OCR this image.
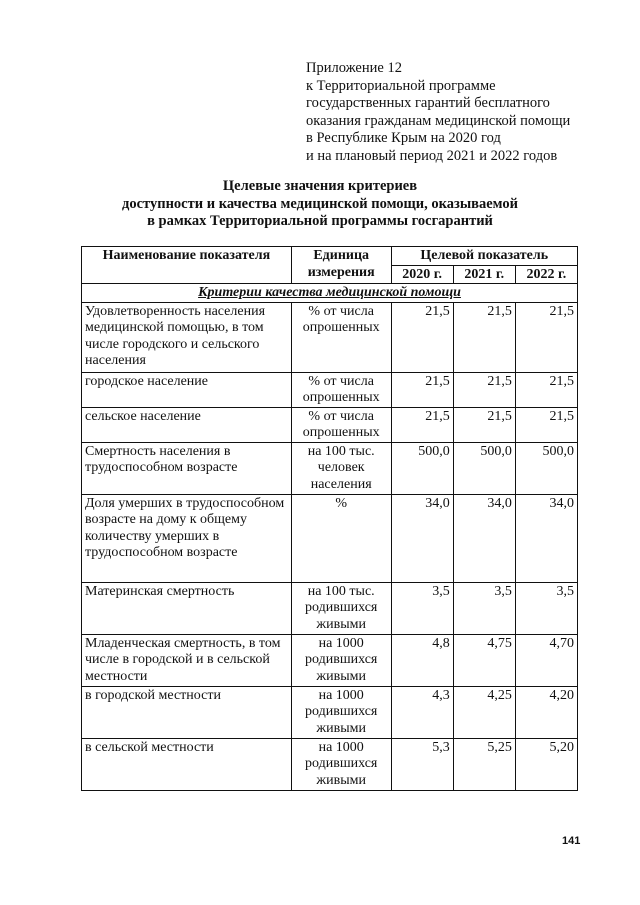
Приложение 12
к Территориальной программе
государственных гарантий бесплатного
оказания гражданам медицинской помощи
в Республике Крым на 2020 год
и на плановый период 2021 и 2022 годов
Целевые значения критериев
доступности и качества медицинской помощи, оказываемой
в рамках Территориальной программы госгарантий
Наименование показателя	Единица измерения	Целевой показатель		
		2020 г.	2021 г.	2022 г.
Критерии качества медицинской помощи				
Удовлетворенность населения медицинской помощью, в том числе городского и сельского населения	% от числа опрошенных	21,5	21,5	21,5
городское население	% от числа опрошенных	21,5	21,5	21,5
сельское население	% от числа опрошенных	21,5	21,5	21,5
Смертность населения в трудоспособном возрасте	на 100 тыс. человек населения	500,0	500,0	500,0
Доля умерших в трудоспособном возрасте на дому к общему количеству умерших в трудоспособном возрасте	%	34,0	34,0	34,0
Материнская смертность	на 100 тыс. родившихся живыми	3,5	3,5	3,5
Младенческая смертность, в том числе в городской и в сельской местности	на 1000 родившихся живыми	4,8	4,75	4,70
в городской местности	на 1000 родившихся живыми	4,3	4,25	4,20
в сельской местности	на 1000 родившихся живыми	5,3	5,25	5,20
141
